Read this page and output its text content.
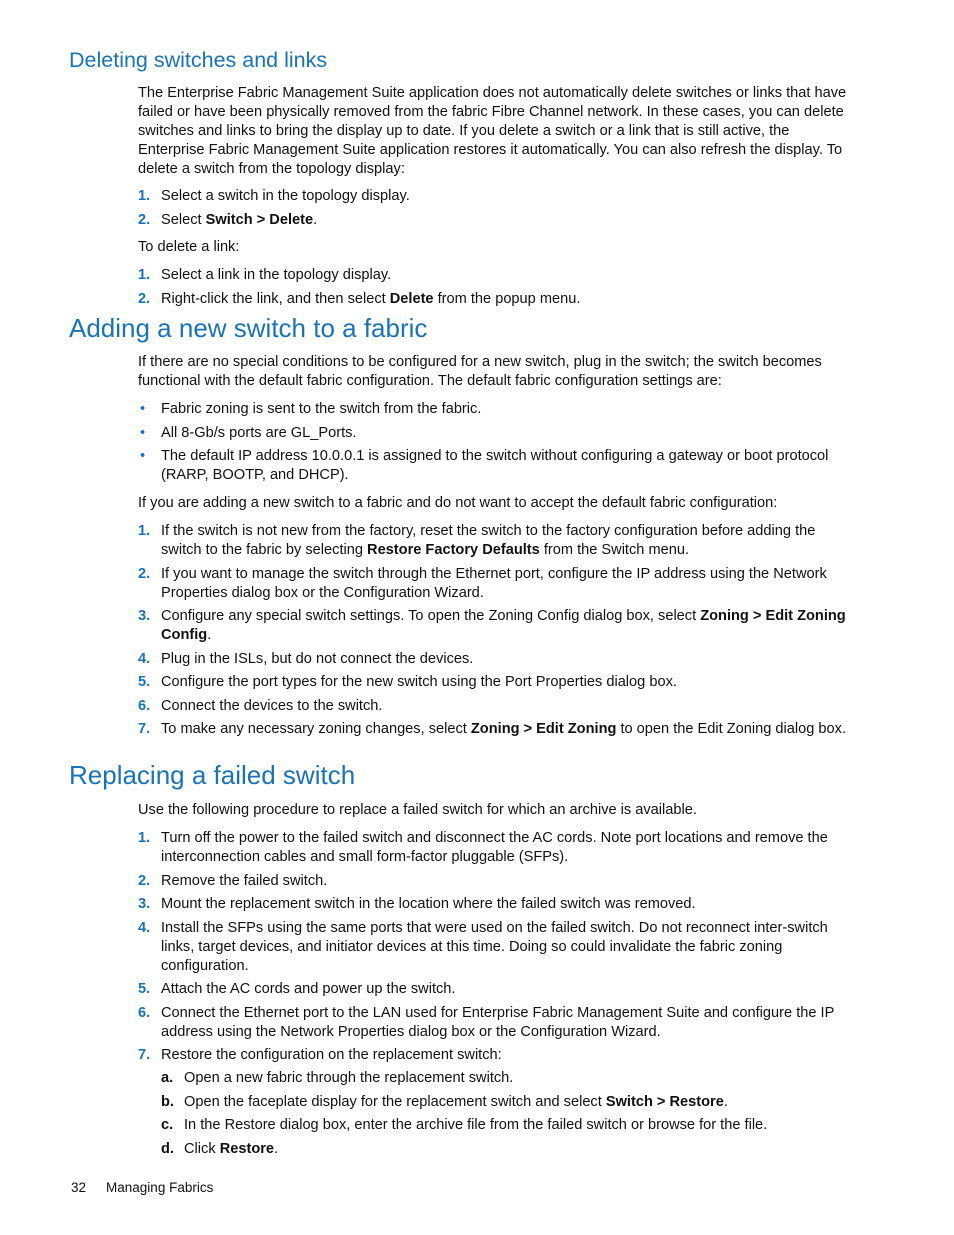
Deleting switches and links

The Enterprise Fabric Management Suite application does not automatically delete switches or links that have failed or have been physically removed from the fabric Fibre Channel network. In these cases, you can delete switches and links to bring the display up to date. If you delete a switch or a link that is still active, the Enterprise Fabric Management Suite application restores it automatically. You can also refresh the display. To delete a switch from the topology display:

1. Select a switch in the topology display.
2. Select Switch > Delete.

To delete a link:

1. Select a link in the topology display.
2. Right-click the link, and then select Delete from the popup menu.
Adding a new switch to a fabric

If there are no special conditions to be configured for a new switch, plug in the switch; the switch becomes functional with the default fabric configuration. The default fabric configuration settings are:

• Fabric zoning is sent to the switch from the fabric.
• All 8-Gb/s ports are GL_Ports.
• The default IP address 10.0.0.1 is assigned to the switch without configuring a gateway or boot protocol (RARP, BOOTP, and DHCP).

If you are adding a new switch to a fabric and do not want to accept the default fabric configuration:

1. If the switch is not new from the factory, reset the switch to the factory configuration before adding the switch to the fabric by selecting Restore Factory Defaults from the Switch menu.
2. If you want to manage the switch through the Ethernet port, configure the IP address using the Network Properties dialog box or the Configuration Wizard.
3. Configure any special switch settings. To open the Zoning Config dialog box, select Zoning > Edit Zoning Config.
4. Plug in the ISLs, but do not connect the devices.
5. Configure the port types for the new switch using the Port Properties dialog box.
6. Connect the devices to the switch.
7. To make any necessary zoning changes, select Zoning > Edit Zoning to open the Edit Zoning dialog box.
Replacing a failed switch

Use the following procedure to replace a failed switch for which an archive is available.

1. Turn off the power to the failed switch and disconnect the AC cords. Note port locations and remove the interconnection cables and small form-factor pluggable (SFPs).
2. Remove the failed switch.
3. Mount the replacement switch in the location where the failed switch was removed.
4. Install the SFPs using the same ports that were used on the failed switch. Do not reconnect inter-switch links, target devices, and initiator devices at this time. Doing so could invalidate the fabric zoning configuration.
5. Attach the AC cords and power up the switch.
6. Connect the Ethernet port to the LAN used for Enterprise Fabric Management Suite and configure the IP address using the Network Properties dialog box or the Configuration Wizard.
7. Restore the configuration on the replacement switch:
a. Open a new fabric through the replacement switch.
b. Open the faceplate display for the replacement switch and select Switch > Restore.
c. In the Restore dialog box, enter the archive file from the failed switch or browse for the file.
d. Click Restore.
32 Managing Fabrics
